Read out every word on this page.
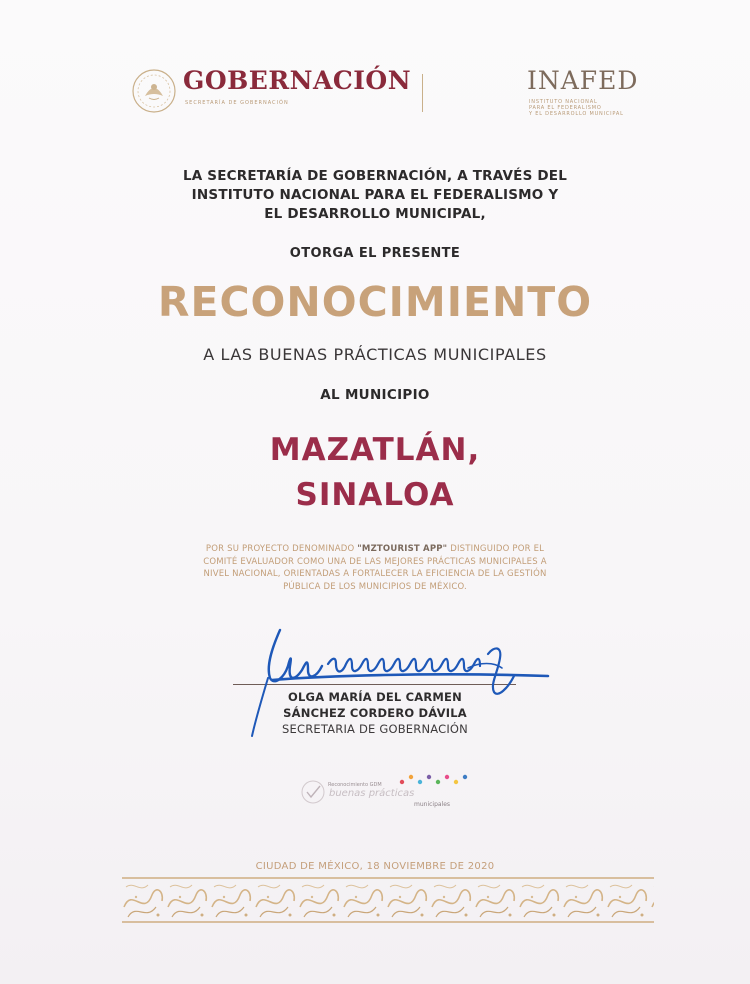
GOBERNACIÓN
SECRETARÍA DE GOBERNACIÓN
INAFED
INSTITUTO NACIONAL
PARA EL FEDERALISMO
Y EL DESARROLLO MUNICIPAL
LA SECRETARÍA DE GOBERNACIÓN, A TRAVÉS DEL
INSTITUTO NACIONAL PARA EL FEDERALISMO Y
EL DESARROLLO MUNICIPAL,
OTORGA EL PRESENTE
RECONOCIMIENTO
A LAS BUENAS PRÁCTICAS MUNICIPALES
AL MUNICIPIO
MAZATLÁN,
SINALOA
POR SU PROYECTO DENOMINADO "MZTOURIST APP" DISTINGUIDO POR EL
COMITÉ EVALUADOR COMO UNA DE LAS MEJORES PRÁCTICAS MUNICIPALES A
NIVEL NACIONAL, ORIENTADAS A FORTALECER LA EFICIENCIA DE LA GESTIÓN
PÚBLICA DE LOS MUNICIPIOS DE MÉXICO.
OLGA MARÍA DEL CARMEN
SÁNCHEZ CORDERO DÁVILA
SECRETARIA DE GOBERNACIÓN
Reconocimiento GDM
buenas prácticas
municipales
CIUDAD DE MÉXICO, 18 NOVIEMBRE DE 2020
